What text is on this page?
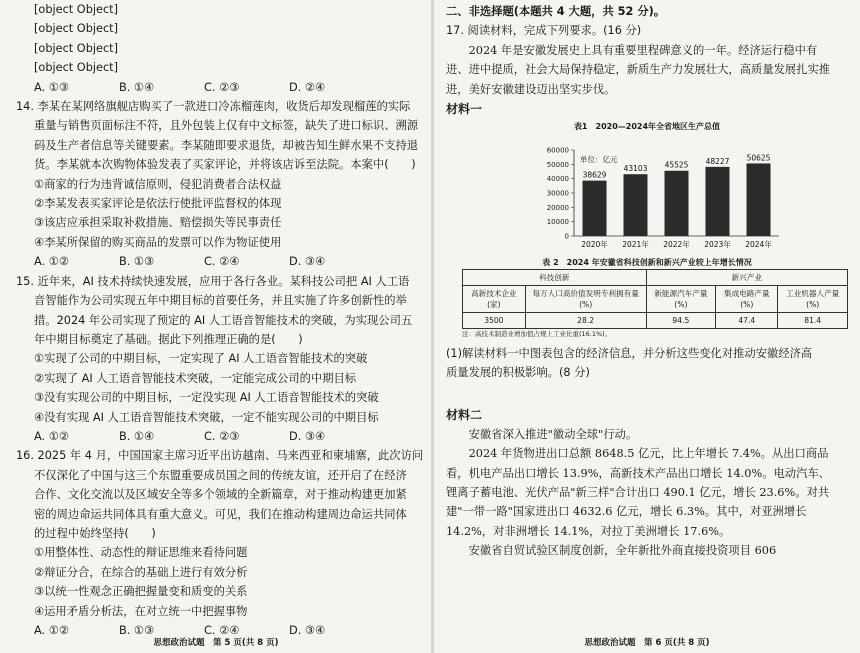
[object Object]
[object Object]
[object Object]
[object Object]
A. ①③	B. ①④	C. ②③	D. ②④
14. 李某在某网络旗舰店购买了一款进口冷冻榴莲肉，收货后却发现榴莲的实际
重量与销售页面标注不符，且外包装上仅有中文标签，缺失了进口标识、溯源
码及生产者信息等关键要素。李某随即要求退货，却被告知生鲜水果不支持退
货。李某就本次购物体验发表了买家评论，并将该店诉至法院。本案中(　　)
①商家的行为违背诚信原则，侵犯消费者合法权益
②李某发表买家评论是依法行使批评监督权的体现
③该店应承担采取补救措施、赔偿损失等民事责任
④李某所保留的购买商品的发票可以作为物证使用
A. ①②	B. ①③	C. ②④	D. ③④
15. 近年来，AI 技术持续快速发展，应用于各行各业。某科技公司把 AI 人工语
音智能作为公司实现五年中期目标的首要任务，并且实施了许多创新性的举
措。2024 年公司实现了预定的 AI 人工语音智能技术的突破，为实现公司五
年中期目标奠定了基础。据此下列推理正确的是(　　)
①实现了公司的中期目标，一定实现了 AI 人工语音智能技术的突破
②实现了 AI 人工语音智能技术突破，一定能完成公司的中期目标
③没有实现公司的中期目标，一定没实现 AI 人工语音智能技术的突破
④没有实现 AI 人工语音智能技术突破，一定不能实现公司的中期目标
A. ①②	B. ①④	C. ②③	D. ③④
16. 2025 年 4 月，中国国家主席习近平出访越南、马来西亚和柬埔寨，此次访问
不仅深化了中国与这三个东盟重要成员国之间的传统友谊，还开启了在经济
合作、文化交流以及区域安全等多个领域的全新篇章，对于推动构建更加紧
密的周边命运共同体具有重大意义。可见，我们在推动构建周边命运共同体
的过程中始终坚持(　　)
①用整体性、动态性的辩证思维来看待问题
②辩证分合，在综合的基础上进行有效分析
③以统一性观念正确把握量变和质变的关系
④运用矛盾分析法，在对立统一中把握事物
A. ①②	B. ①③	C. ②④	D. ③④
思想政治试题　第 5 页(共 8 页)
二、非选择题(本题共 4 大题，共 52 分)。
17. 阅读材料，完成下列要求。(16 分)
　　2024 年是安徽发展史上具有重要里程碑意义的一年。经济运行稳中有
进、进中提质，社会大局保持稳定，新质生产力发展壮大，高质量发展扎实推
进，美好安徽建设迈出坚实步伐。
材料一
表1　2020—2024年全省地区生产总值
0
10000
20000
30000
40000
50000
60000
单位：亿元
38629
2020年
43103
2021年
45525
2022年
48227
2023年
50625
2024年
表 2　2024 年安徽省科技创新和新兴产业较上年增长情况
科技创新		新兴产业		
高新技术企业(家)	每万人口高价值发明专利拥有量(%)	新能源汽车产量(%)	集成电路产量(%)	工业机器人产量(%)
3500	28.2	94.5	47.4	81.4
注：高技术制造业增加值占规上工业比重(16.1%)。
(1)解读材料一中图表包含的经济信息，并分析这些变化对推动安徽经济高
质量发展的积极影响。(8 分)
材料二
　　安徽省深入推进"徽动全球"行动。
　　2024 年货物进出口总额 8648.5 亿元，比上年增长 7.4%。从出口商品
看，机电产品出口增长 13.9%，高新技术产品出口增长 14.0%。电动汽车、
锂离子蓄电池、光伏产品"新三样"合计出口 490.1 亿元，增长 23.6%。对共
建"一带一路"国家进出口 4632.6 亿元，增长 6.3%。其中，对亚洲增长
14.2%，对非洲增长 14.1%，对拉丁美洲增长 17.6%。
　　安徽省自贸试验区制度创新，全年新批外商直接投资项目 606
思想政治试题　第 6 页(共 8 页)
